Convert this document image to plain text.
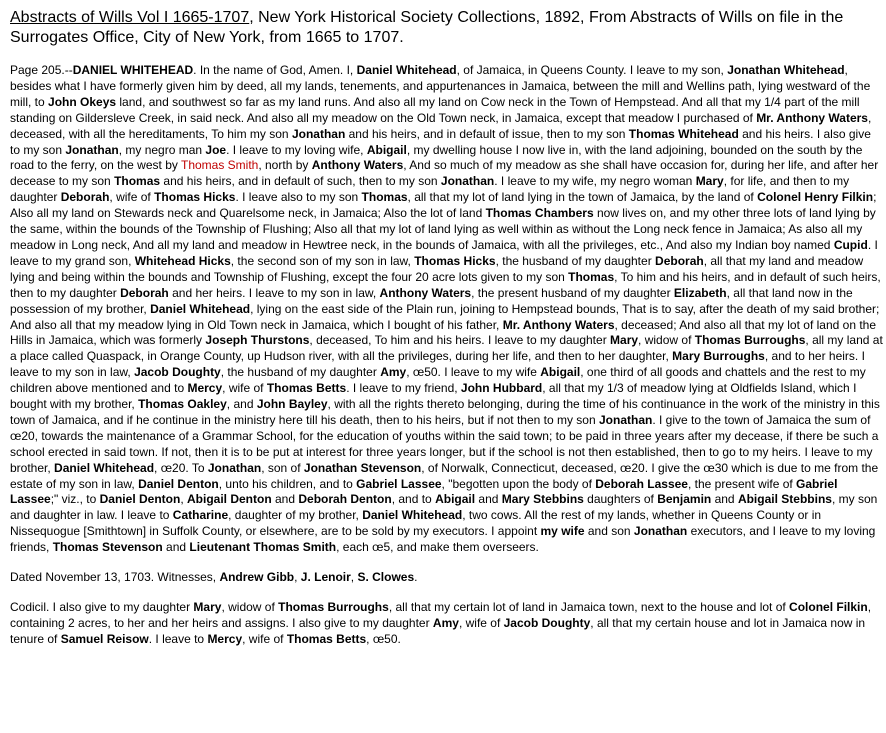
Abstracts of Wills Vol I 1665-1707, New York Historical Society Collections, 1892, From Abstracts of Wills on file in the Surrogates Office, City of New York, from 1665 to 1707.
Page 205.--DANIEL WHITEHEAD. In the name of God, Amen. I, Daniel Whitehead, of Jamaica, in Queens County. I leave to my son, Jonathan Whitehead, besides what I have formerly given him by deed, all my lands, tenements, and appurtenances in Jamaica, between the mill and Wellins path, lying westward of the mill, to John Okeys land, and southwest so far as my land runs. And also all my land on Cow neck in the Town of Hempstead. And all that my 1/4 part of the mill standing on Gildersleve Creek, in said neck. And also all my meadow on the Old Town neck, in Jamaica, except that meadow I purchased of Mr. Anthony Waters, deceased, with all the hereditaments, To him my son Jonathan and his heirs, and in default of issue, then to my son Thomas Whitehead and his heirs. I also give to my son Jonathan, my negro man Joe. I leave to my loving wife, Abigail, my dwelling house I now live in, with the land adjoining, bounded on the south by the road to the ferry, on the west by Thomas Smith, north by Anthony Waters, And so much of my meadow as she shall have occasion for, during her life, and after her decease to my son Thomas and his heirs, and in default of such, then to my son Jonathan. I leave to my wife, my negro woman Mary, for life, and then to my daughter Deborah, wife of Thomas Hicks. I leave also to my son Thomas, all that my lot of land lying in the town of Jamaica, by the land of Colonel Henry Filkin; Also all my land on Stewards neck and Quarelsome neck, in Jamaica; Also the lot of land Thomas Chambers now lives on, and my other three lots of land lying by the same, within the bounds of the Township of Flushing; Also all that my lot of land lying as well within as without the Long neck fence in Jamaica; As also all my meadow in Long neck, And all my land and meadow in Hewtree neck, in the bounds of Jamaica, with all the privileges, etc., And also my Indian boy named Cupid. I leave to my grand son, Whitehead Hicks, the second son of my son in law, Thomas Hicks, the husband of my daughter Deborah, all that my land and meadow lying and being within the bounds and Township of Flushing, except the four 20 acre lots given to my son Thomas, To him and his heirs, and in default of such heirs, then to my daughter Deborah and her heirs. I leave to my son in law, Anthony Waters, the present husband of my daughter Elizabeth, all that land now in the possession of my brother, Daniel Whitehead, lying on the east side of the Plain run, joining to Hempstead bounds, That is to say, after the death of my said brother; And also all that my meadow lying in Old Town neck in Jamaica, which I bought of his father, Mr. Anthony Waters, deceased; And also all that my lot of land on the Hills in Jamaica, which was formerly Joseph Thurstons, deceased, To him and his heirs. I leave to my daughter Mary, widow of Thomas Burroughs, all my land at a place called Quaspack, in Orange County, up Hudson river, with all the privileges, during her life, and then to her daughter, Mary Burroughs, and to her heirs. I leave to my son in law, Jacob Doughty, the husband of my daughter Amy, œ50. I leave to my wife Abigail, one third of all goods and chattels and the rest to my children above mentioned and to Mercy, wife of Thomas Betts. I leave to my friend, John Hubbard, all that my 1/3 of meadow lying at Oldfields Island, which I bought with my brother, Thomas Oakley, and John Bayley, with all the rights thereto belonging, during the time of his continuance in the work of the ministry in this town of Jamaica, and if he continue in the ministry here till his death, then to his heirs, but if not then to my son Jonathan. I give to the town of Jamaica the sum of œ20, towards the maintenance of a Grammar School, for the education of youths within the said town; to be paid in three years after my decease, if there be such a school erected in said town. If not, then it is to be put at interest for three years longer, but if the school is not then established, then to go to my heirs. I leave to my brother, Daniel Whitehead, œ20. To Jonathan, son of Jonathan Stevenson, of Norwalk, Connecticut, deceased, œ20. I give the œ30 which is due to me from the estate of my son in law, Daniel Denton, unto his children, and to Gabriel Lassee, "begotten upon the body of Deborah Lassee, the present wife of Gabriel Lassee;" viz., to Daniel Denton, Abigail Denton and Deborah Denton, and to Abigail and Mary Stebbins daughters of Benjamin and Abigail Stebbins, my son and daughter in law. I leave to Catharine, daughter of my brother, Daniel Whitehead, two cows. All the rest of my lands, whether in Queens County or in Nissequogue [Smithtown] in Suffolk County, or elsewhere, are to be sold by my executors. I appoint my wife and son Jonathan executors, and I leave to my loving friends, Thomas Stevenson and Lieutenant Thomas Smith, each œ5, and make them overseers.
Dated November 13, 1703. Witnesses, Andrew Gibb, J. Lenoir, S. Clowes.
Codicil. I also give to my daughter Mary, widow of Thomas Burroughs, all that my certain lot of land in Jamaica town, next to the house and lot of Colonel Filkin, containing 2 acres, to her and her heirs and assigns. I also give to my daughter Amy, wife of Jacob Doughty, all that my certain house and lot in Jamaica now in tenure of Samuel Reisow. I leave to Mercy, wife of Thomas Betts, œ50.
